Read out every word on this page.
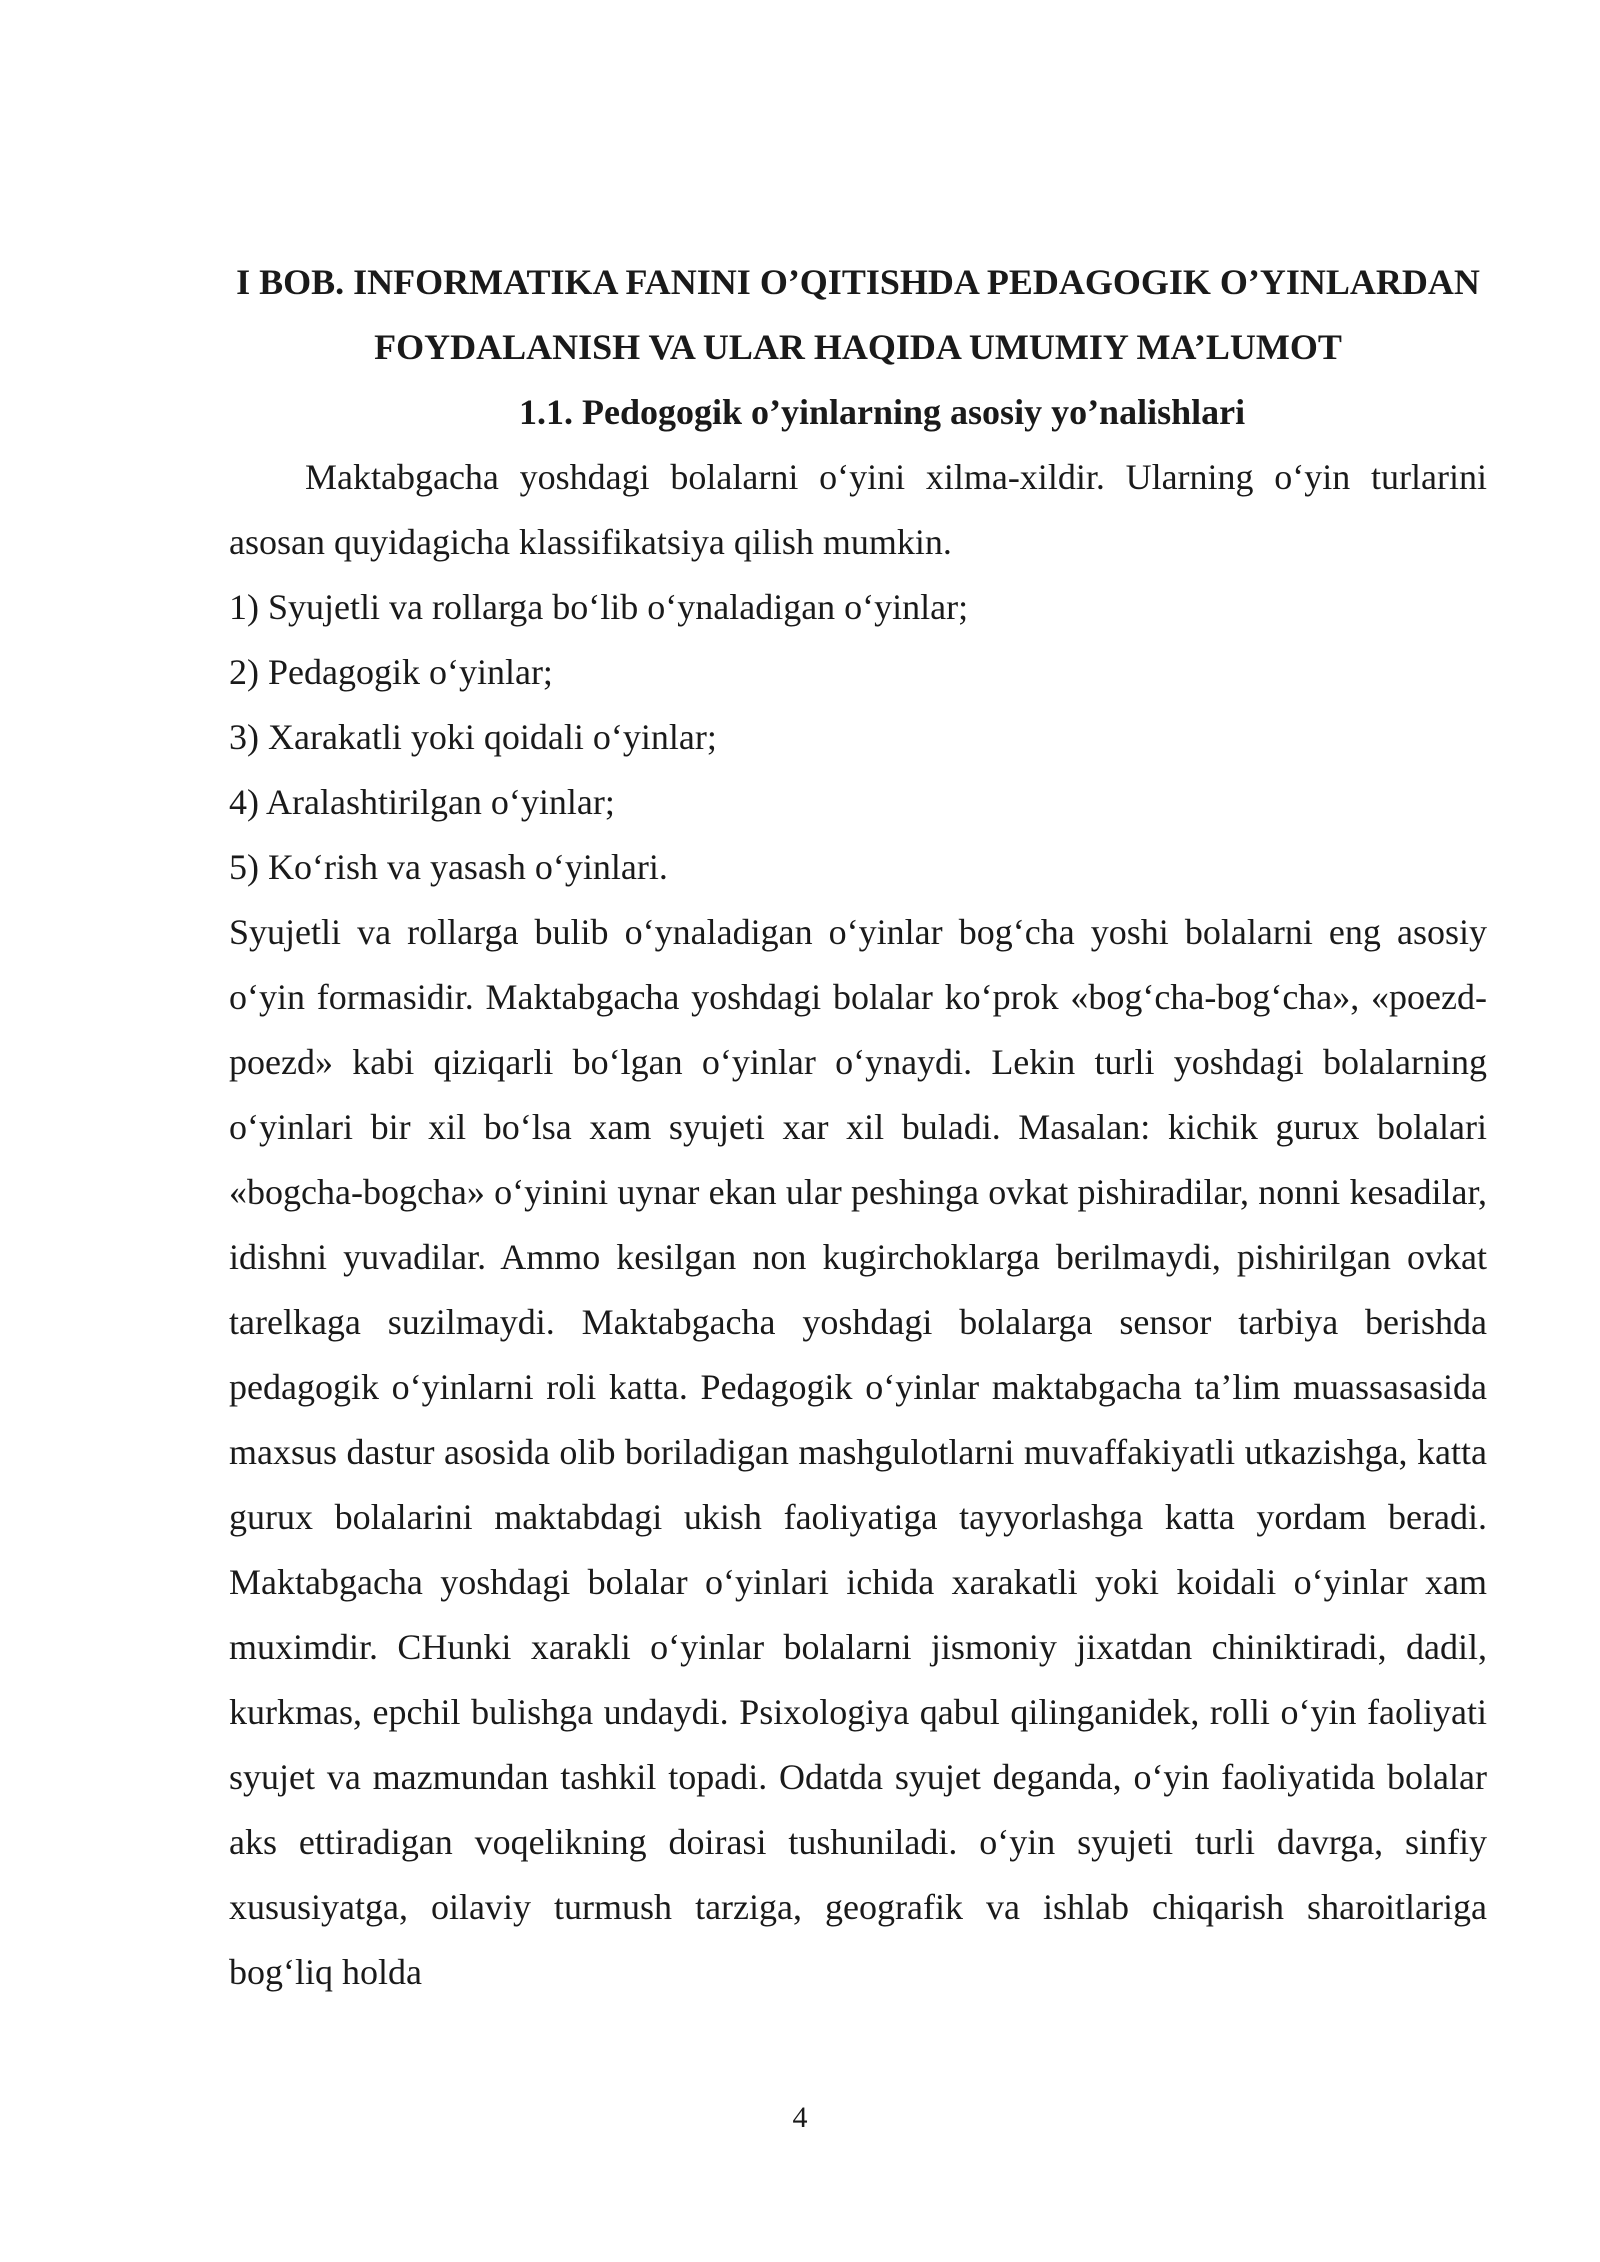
I BOB. INFORMATIKA FANINI O’QITISHDA PEDAGOGIK O’YINLARDAN FOYDALANISH VA ULAR HAQIDA UMUMIY MA’LUMOT
1.1. Pedogogik o’yinlarning asosiy yo’nalishlari

Maktabgacha yoshdagi bolalarni o‘yini xilma-xildir. Ularning o‘yin turlarini asosan quyidagicha klassifikatsiya qilish mumkin.

1) Syujetli va rollarga bo‘lib o‘ynaladigan o‘yinlar;
2) Pedagogik o‘yinlar;
3) Xarakatli yoki qoidali o‘yinlar;
4) Aralashtirilgan o‘yinlar;
5) Ko‘rish va yasash o‘yinlari.

Syujetli va rollarga bulib o‘ynaladigan o‘yinlar bog‘cha yoshi bolalarni eng asosiy o‘yin formasidir. Maktabgacha yoshdagi bolalar ko‘prok «bog‘cha-bog‘cha», «poezd-poezd» kabi qiziqarli bo‘lgan o‘yinlar o‘ynaydi. Lekin turli yoshdagi bolalarning o‘yinlari bir xil bo‘lsa xam syujeti xar xil buladi. Masalan: kichik gurux bolalari «bogcha-bogcha» o‘yinini uynar ekan ular peshinga ovkat pishiradilar, nonni kesadilar, idishni yuvadilar. Ammo kesilgan non kugirchoklarga berilmaydi, pishirilgan ovkat tarelkaga suzilmaydi. Maktabgacha yoshdagi bolalarga sensor tarbiya berishda pedagogik o‘yinlarni roli katta. Pedagogik o‘yinlar maktabgacha ta’lim muassasasida maxsus dastur asosida olib boriladigan mashgulotlarni muvaffakiyatli utkazishga, katta gurux bolalarini maktabdagi ukish faoliyatiga tayyorlashga katta yordam beradi. Maktabgacha yoshdagi bolalar o‘yinlari ichida xarakatli yoki koidali o‘yinlar xam muximdir. CHunki xarakli o‘yinlar bolalarni jismoniy jixatdan chiniktiradi, dadil, kurkmas, epchil bulishga undaydi. Psixologiya qabul qilinganidek, rolli o‘yin faoliyati syujet va mazmundan tashkil topadi. Odatda syujet deganda, o‘yin faoliyatida bolalar aks ettiradigan voqelikning doirasi tushuniladi. o‘yin syujeti turli davrga, sinfiy xususiyatga, oilaviy turmush tarziga, geografik va ishlab chiqarish sharoitlariga bog‘liq holda

4
